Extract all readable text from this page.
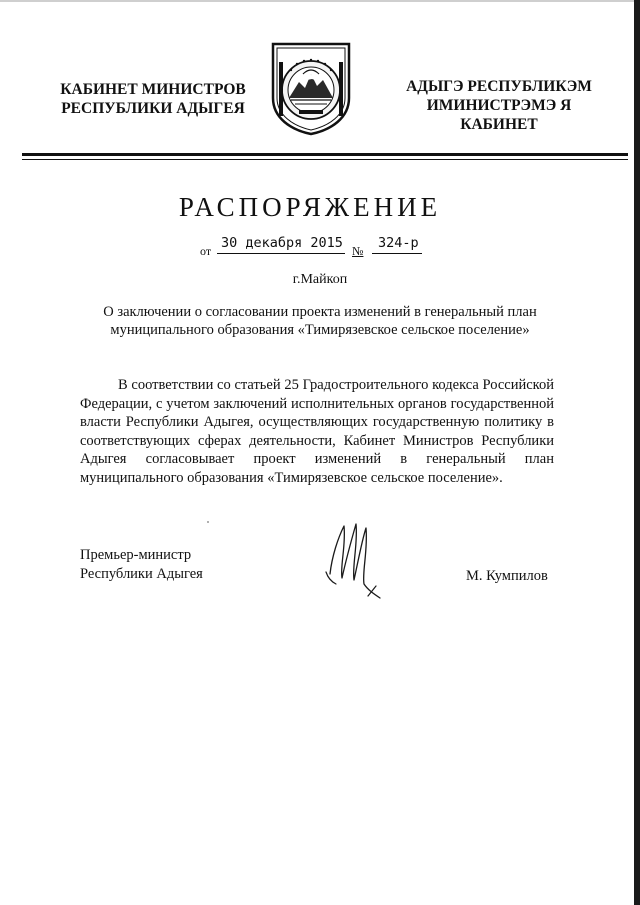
КАБИНЕТ МИНИСТРОВ
РЕСПУБЛИКИ АДЫГЕЯ
АДЫГЭ РЕСПУБЛИКЭМ
ИМИНИСТРЭМЭ Я КАБИНЕТ
РАСПОРЯЖЕНИЕ
от 30 декабря 2015 № 324-р
г.Майкоп
О заключении о согласовании проекта изменений в генеральный план
муниципального образования «Тимирязевское сельское поселение»

В соответствии со статьей 25 Градостроительного кодекса Российской Федерации, с учетом заключений исполнительных органов государственной власти Республики Адыгея, осуществляющих государственную политику в соответствующих сферах деятельности, Кабинет Министров Республики Адыгея согласовывает проект изменений в генеральный план муниципального образования «Тимирязевское сельское поселение».

Премьер-министр
Республики Адыгея	М. Кумпилов
